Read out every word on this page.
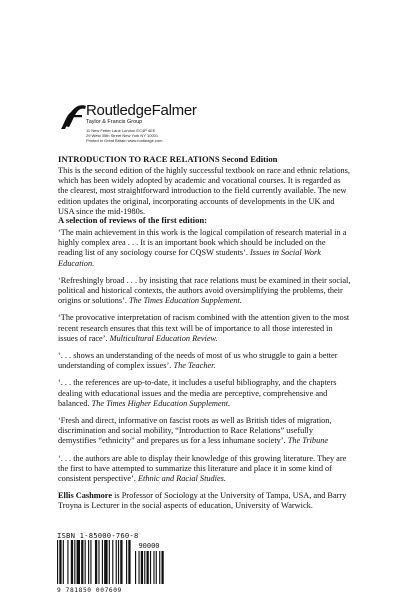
RoutledgeFalmer
Taylor & Francis Group
11 New Fetter Lane London EC4P 4EE
29 West 35th Street New York NY 10001
Printed in Great Britain www.routledge.com
INTRODUCTION TO RACE RELATIONS Second Edition
This is the second edition of the highly successful textbook on race and ethnic relations, which has been widely adopted by academic and vocational courses. It is regarded as the clearest, most straightforward introduction to the field currently available. The new edition updates the original, incorporating accounts of developments in the UK and USA since the mid-1980s.
A selection of reviews of the first edition:

‘The main achievement in this work is the logical compilation of research material in a highly complex area . . . It is an important book which should be included on the reading list of any sociology course for CQSW students’. Issues in Social Work Education.

‘Refreshingly broad . . . by insisting that race relations must be examined in their social, political and historical contexts, the authors avoid oversimplifying the problems, their origins or solutions’. The Times Education Supplement.

‘The provocative interpretation of racism combined with the attention given to the most recent research ensures that this text will be of importance to all those interested in issues of race’. Multicultural Education Review.

‘. . . shows an understanding of the needs of most of us who struggle to gain a better understanding of complex issues’. The Teacher.

‘. . . the references are up-to-date, it includes a useful bibliography, and the chapters dealing with educational issues and the media are perceptive, comprehensive and balanced. The Times Higher Education Supplement.

‘Fresh and direct, informative on fascist roots as well as British tides of migration, discrimination and social mobility, “Introduction to Race Relations” usefully demystifies “ethnicity” and prepares us for a less inhumane society’. The Tribune

‘. . . the authors are able to display their knowledge of this growing literature. They are the first to have attempted to summarize this literature and place it in some kind of consistent perspective’. Ethnic and Racial Studies.

Ellis Cashmore is Professor of Sociology at the University of Tampa, USA, and Barry Troyna is Lecturer in the social aspects of education, University of Warwick.

ISBN 1-85000-760-8
90000
9 781850 007609
